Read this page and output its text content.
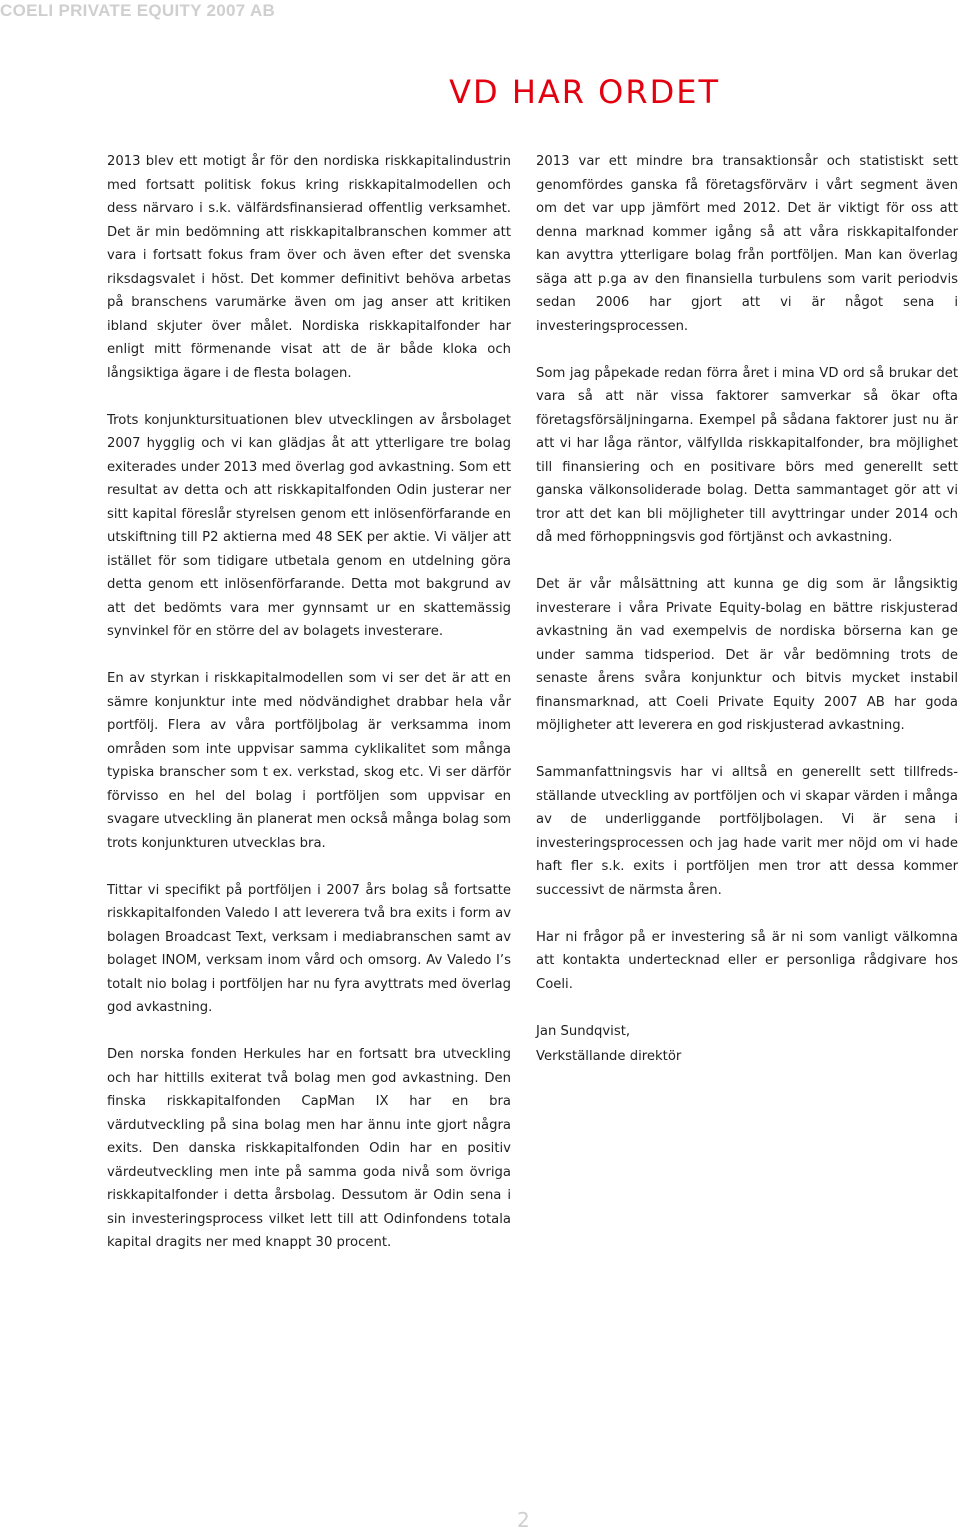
COELI PRIVATE EQUITY 2007 AB
VD HAR ORDET

2013 blev ett motigt år för den nordiska riskkapitalindustrin med fortsatt politisk fokus kring riskkapitalmodellen och dess närvaro i s.k. välfärdsfinansierad offentlig verksamhet. Det är min bedömning att riskkapitalbranschen kommer att vara i fortsatt fokus fram över och även efter det svenska riksdagsvalet i höst. Det kommer definitivt behöva arbetas på branschens varumärke även om jag anser att kritiken ibland skjuter över målet. Nordiska riskkapitalfonder har enligt mitt förmenande visat att de är både kloka och långsiktiga ägare i de flesta bolagen.

Trots konjunktursituationen blev utvecklingen av årsbolaget 2007 hygglig och vi kan glädjas åt att ytterligare tre bolag exiterades under 2013 med överlag god avkastning. Som ett resultat av detta och att riskkapitalfonden Odin justerar ner sitt kapital föreslår styrelsen genom ett inlösenförfarande en utskiftning till P2 aktierna med 48 SEK per aktie. Vi väljer att istället för som tidigare utbetala genom en utdelning göra detta genom ett inlösenförfarande. Detta mot bakgrund av att det bedömts vara mer gynnsamt ur en skattemässig synvinkel för en större del av bolagets investerare.

En av styrkan i riskkapitalmodellen som vi ser det är att en sämre konjunktur inte med nödvändighet drabbar hela vår portfölj. Flera av våra portföljbolag är verksamma inom områden som inte uppvisar samma cyklikalitet som många typiska branscher som t ex. verkstad, skog etc. Vi ser därför förvisso en hel del bolag i portföljen som uppvisar en svagare utveckling än planerat men också många bolag som trots konjunkturen utvecklas bra.

Tittar vi specifikt på portföljen i 2007 års bolag så fortsatte riskkapitalfonden Valedo I att leverera två bra exits i form av bolagen Broadcast Text, verksam i mediabranschen samt av bolaget INOM, verksam inom vård och omsorg. Av Valedo I’s totalt nio bolag i portföljen har nu fyra avyttrats med överlag god avkastning.

Den norska fonden Herkules har en fortsatt bra utveckling och har hittills exiterat två bolag men god avkastning. Den finska riskkapitalfonden CapMan IX har en bra värdutveckling på sina bolag men har ännu inte gjort några exits. Den danska riskkapitalfonden Odin har en positiv värdeutveckling men inte på samma goda nivå som övriga riskkapitalfonder i detta årsbolag. Dessutom är Odin sena i sin investeringsprocess vilket lett till att Odinfondens totala kapital dragits ner med knappt 30 procent.

2013 var ett mindre bra transaktionsår och statistiskt sett genomfördes ganska få företagsförvärv i vårt segment även om det var upp jämfört med 2012. Det är viktigt för oss att denna marknad kommer igång så att våra riskkapitalfonder kan avyttra ytterligare bolag från portföljen. Man kan överlag säga att p.ga av den finansiella turbulens som varit periodvis sedan 2006 har gjort att vi är något sena i investeringsprocessen.

Som jag påpekade redan förra året i mina VD ord så brukar det vara så att när vissa faktorer samverkar så ökar ofta företagsförsäljningarna. Exempel på sådana faktorer just nu är att vi har låga räntor, välfyllda riskkapitalfonder, bra möjlighet till finansiering och en positivare börs med generellt sett ganska välkonsoliderade bolag. Detta sammantaget gör att vi tror att det kan bli möjligheter till avyttringar under 2014 och då med förhoppningsvis god förtjänst och avkastning.

Det är vår målsättning att kunna ge dig som är långsiktig investerare i våra Private Equity-bolag en bättre riskjusterad avkastning än vad exempelvis de nordiska börserna kan ge under samma tidsperiod. Det är vår bedömning trots de senaste årens svåra konjunktur och bitvis mycket instabil finansmarknad, att Coeli Private Equity 2007 AB har goda möjligheter att leverera en god riskjusterad avkastning.

Sammanfattningsvis har vi alltså en generellt sett tillfreds-ställande utveckling av portföljen och vi skapar värden i många av de underliggande portföljbolagen. Vi är sena i investeringsprocessen och jag hade varit mer nöjd om vi hade haft fler s.k. exits i portföljen men tror att dessa kommer successivt de närmsta åren.

Har ni frågor på er investering så är ni som vanligt välkomna att kontakta undertecknad eller er personliga rådgivare hos Coeli.

Jan Sundqvist,

Verkställande direktör

2
